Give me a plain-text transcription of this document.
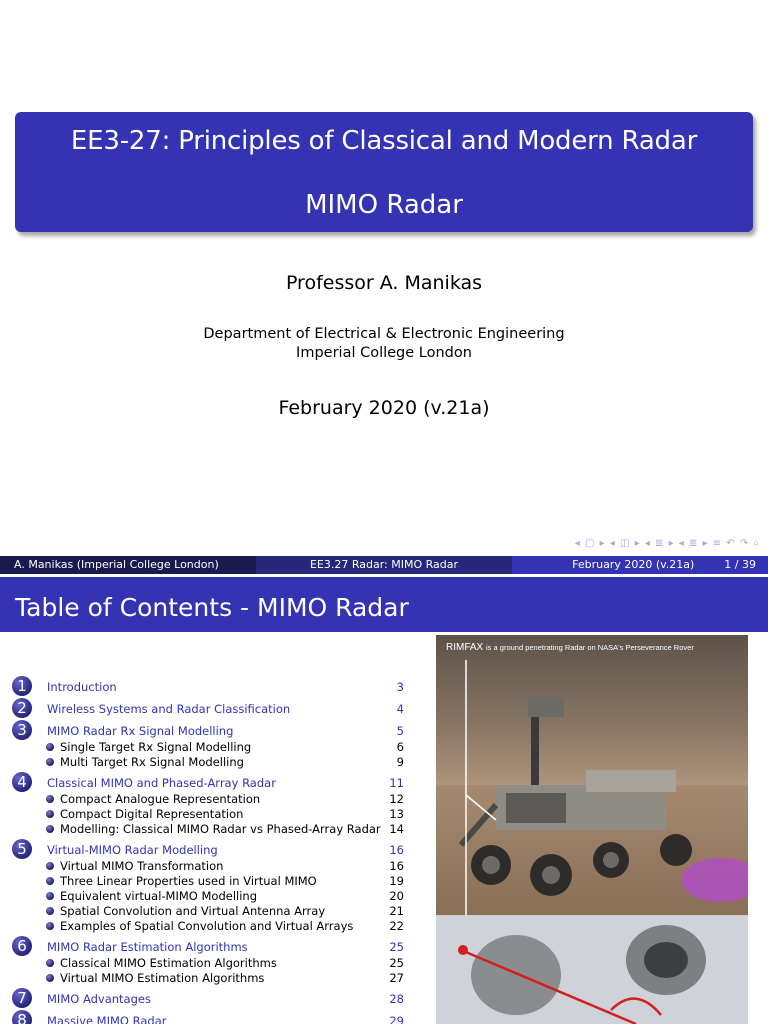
EE3-27: Principles of Classical and Modern Radar
MIMO Radar
Professor A. Manikas
Department of Electrical & Electronic Engineering
Imperial College London
February 2020 (v.21a)
◂ ▢ ▸ ◂ ◫ ▸ ◂ ≣ ▸ ◂ ≣ ▸ ≡ ↶ ↷ ⌕
A. Manikas (Imperial College London)	EE3.27 Radar: MIMO Radar	February 2020 (v.21a)	1 / 39
Table of Contents - MIMO Radar
1	Introduction	3
2	Wireless Systems and Radar Classification	4
3	MIMO Radar Rx Signal Modelling	5
Single Target Rx Signal Modelling	6
Multi Target Rx Signal Modelling	9
4	Classical MIMO and Phased-Array Radar	11
Compact Analogue Representation	12
Compact Digital Representation	13
Modelling: Classical MIMO Radar vs Phased-Array Radar 14
5	Virtual-MIMO Radar Modelling	16
Virtual MIMO Transformation	16
Three Linear Properties used in Virtual MIMO	19
Equivalent virtual-MIMO Modelling	20
Spatial Convolution and Virtual Antenna Array	21
Examples of Spatial Convolution and Virtual Arrays	22
6	MIMO Radar Estimation Algorithms	25
Classical MIMO Estimation Algorithms	25
Virtual MIMO Estimation Algorithms	27
7	MIMO Advantages	28
8	Massive MIMO Radar	29
RIMFAX is a ground penetrating Radar on NASA's Perseverance Rover
